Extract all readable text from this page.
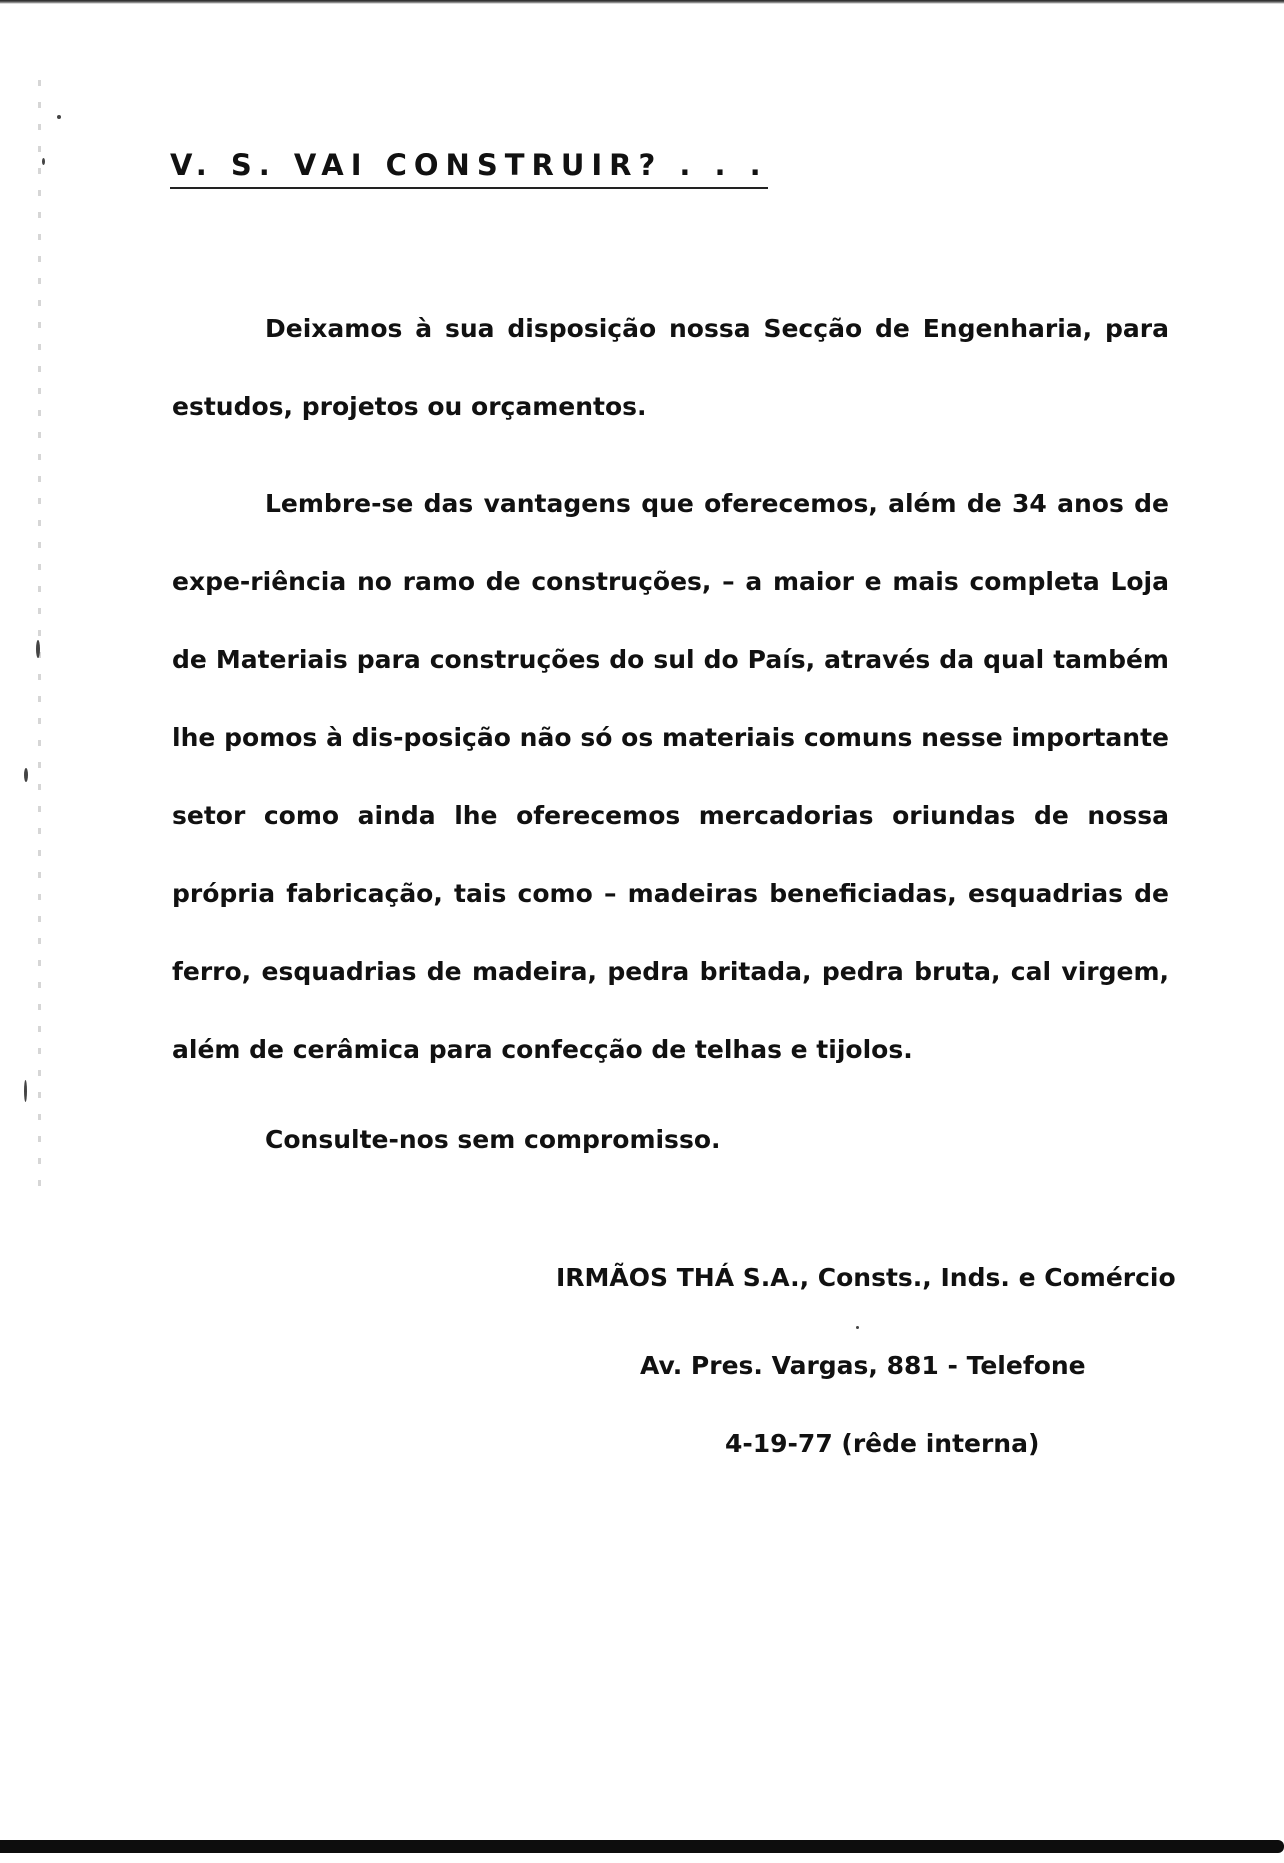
V. S. VAI CONSTRUIR? . . .

Deixamos à sua disposição nossa Secção de Engenharia, para estudos, projetos ou orçamentos.

Lembre-se das vantagens que oferecemos, além de 34 anos de expe-riência no ramo de construções, – a maior e mais completa Loja de Materiais para construções do sul do País, através da qual também lhe pomos à dis-posição não só os materiais comuns nesse importante setor como ainda lhe oferecemos mercadorias oriundas de nossa própria fabricação, tais como – madeiras beneficiadas, esquadrias de ferro, esquadrias de madeira, pedra britada, pedra bruta, cal virgem, além de cerâmica para confecção de telhas e tijolos.

Consulte-nos sem compromisso.
IRMÃOS THÁ S.A., Consts., Inds. e Comércio
Av. Pres. Vargas, 881 - Telefone
4-19-77 (rêde interna)
